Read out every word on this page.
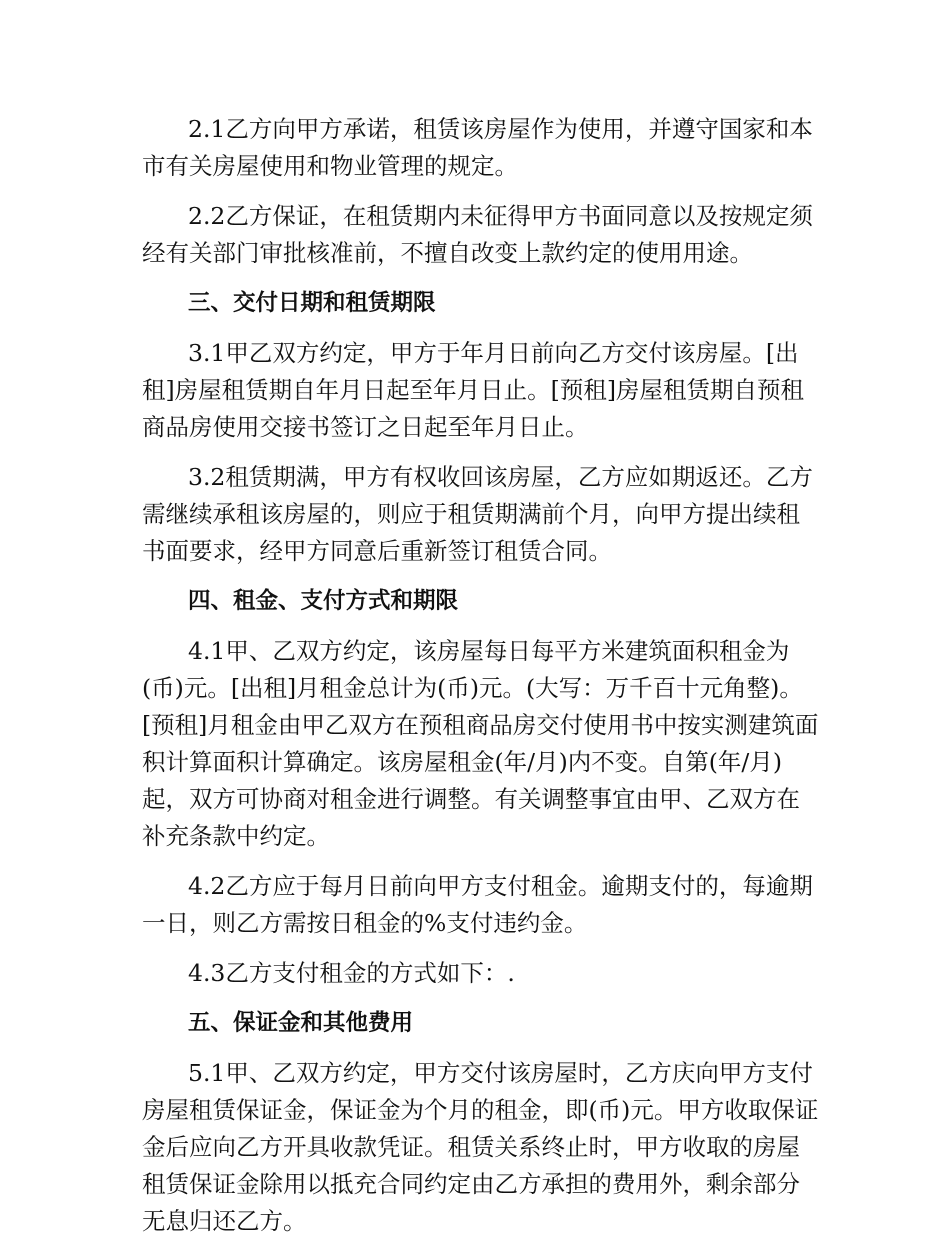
2.1乙方向甲方承诺，租赁该房屋作为使用，并遵守国家和本市有关房屋使用和物业管理的规定。

2.2乙方保证，在租赁期内未征得甲方书面同意以及按规定须经有关部门审批核准前，不擅自改变上款约定的使用用途。

三、交付日期和租赁期限

3.1甲乙双方约定，甲方于年月日前向乙方交付该房屋。[出租]房屋租赁期自年月日起至年月日止。[预租]房屋租赁期自预租商品房使用交接书签订之日起至年月日止。

3.2租赁期满，甲方有权收回该房屋，乙方应如期返还。乙方需继续承租该房屋的，则应于租赁期满前个月，向甲方提出续租书面要求，经甲方同意后重新签订租赁合同。

四、租金、支付方式和期限

4.1甲、乙双方约定，该房屋每日每平方米建筑面积租金为(币)元。[出租]月租金总计为(币)元。(大写：万千百十元角整)。[预租]月租金由甲乙双方在预租商品房交付使用书中按实测建筑面积计算面积计算确定。该房屋租金(年/月)内不变。自第(年/月)起，双方可协商对租金进行调整。有关调整事宜由甲、乙双方在补充条款中约定。

4.2乙方应于每月日前向甲方支付租金。逾期支付的，每逾期一日，则乙方需按日租金的%支付违约金。

4.3乙方支付租金的方式如下：.

五、保证金和其他费用

5.1甲、乙双方约定，甲方交付该房屋时，乙方庆向甲方支付房屋租赁保证金，保证金为个月的租金，即(币)元。甲方收取保证金后应向乙方开具收款凭证。租赁关系终止时，甲方收取的房屋租赁保证金除用以抵充合同约定由乙方承担的费用外，剩余部分无息归还乙方。
